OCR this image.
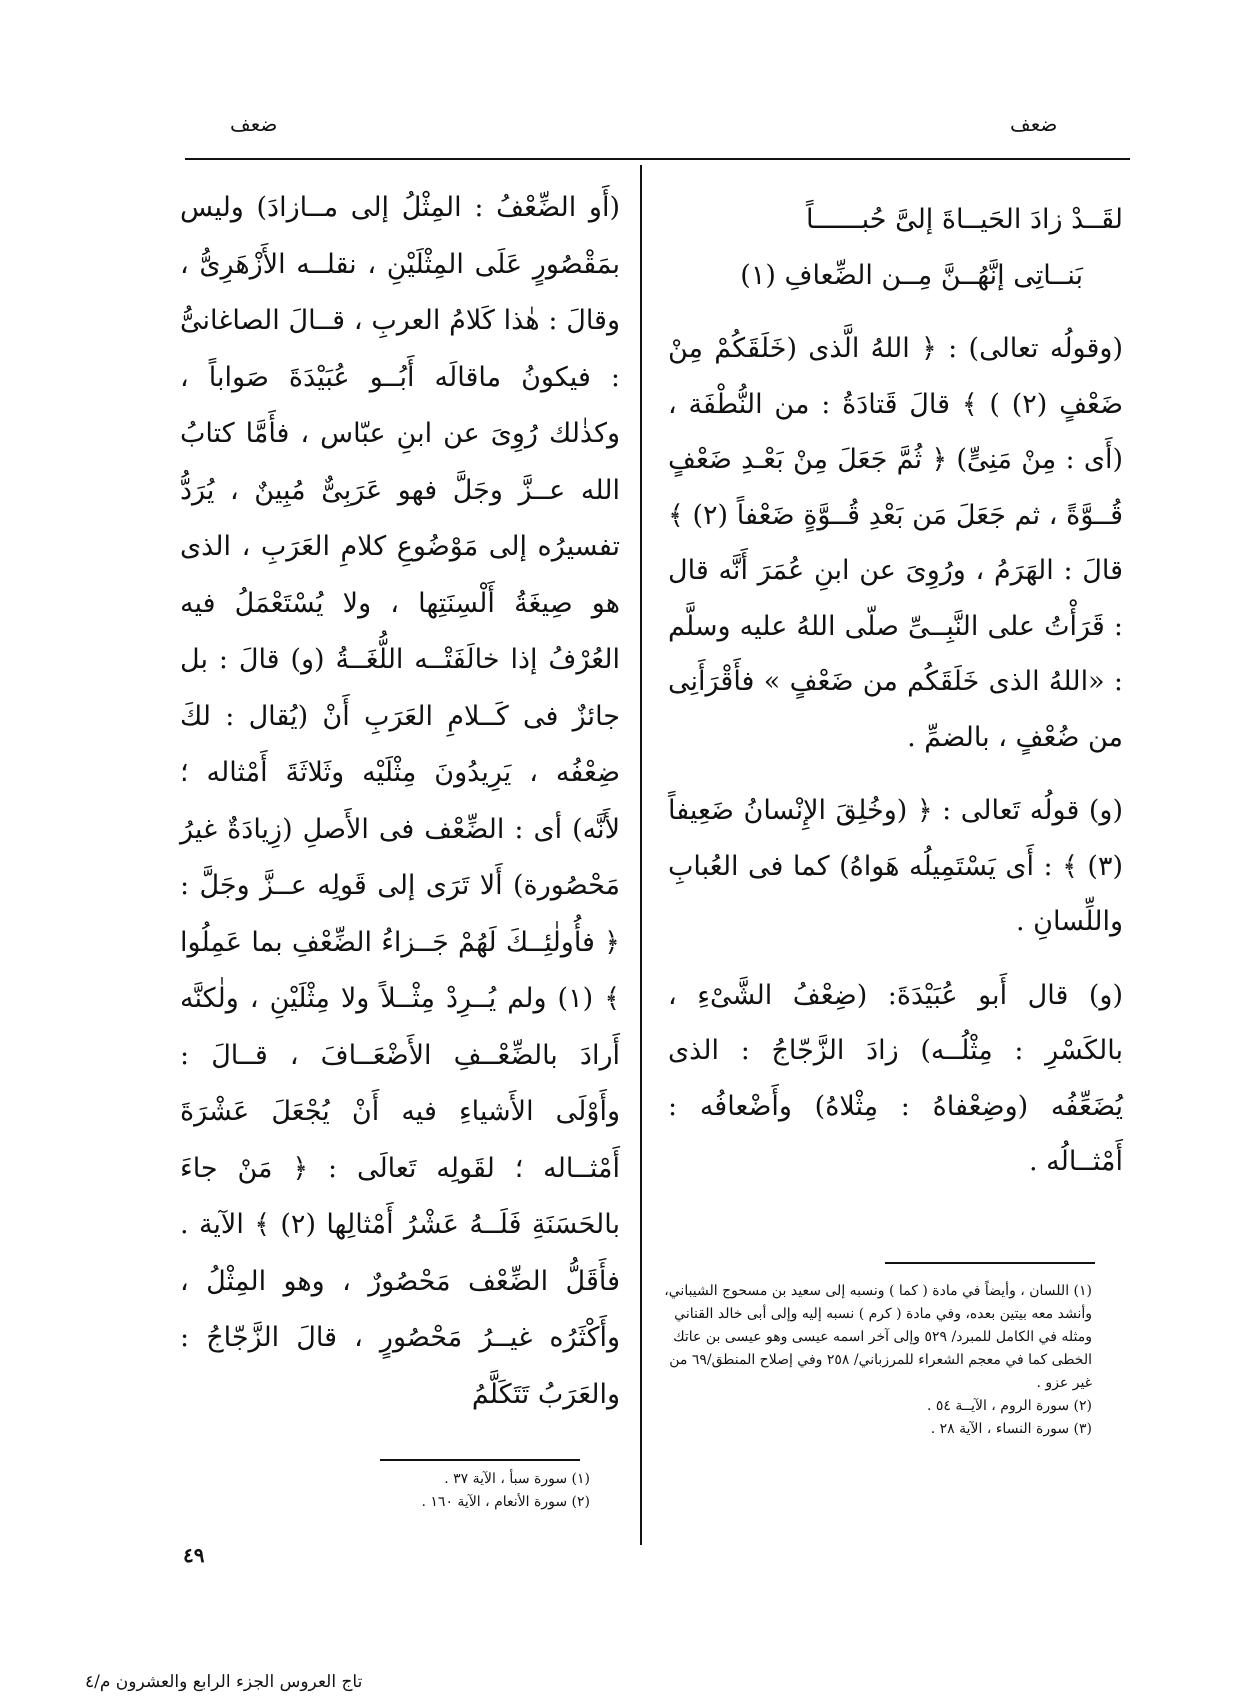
ضعف	ضعف

لقَــدْ زادَ الحَيــاةَ إلىَّ حُبــــــاً

بَنــاتِى إنَّهُــنَّ مِــن الضِّعافِ (١)

(وقولُه تعالى) : ﴿ اللهُ الَّذى (خَلَقَكُمْ مِنْ ضَعْفٍ (٢) ) ﴾ قالَ قَتادَةُ : من النُّطْفَة ، (أَى : مِنْ مَنِىٍّ) ﴿ ثُمَّ جَعَلَ مِنْ بَعْـدِ ضَعْفٍ قُــوَّةً ، ثم جَعَلَ مَن بَعْدِ قُــوَّةٍ ضَعْفاً (٢) ﴾ قالَ : الهَرَمُ ، ورُوِىَ عن ابنِ عُمَرَ أَنَّه قال : قَرَأْتُ على النَّبِــىِّ صلّى اللهُ عليه وسلَّم : «اللهُ الذى خَلَقَكُم من ضَعْفٍ » فأَقْرَأَنِى من ضُعْفٍ ، بالضمِّ .

(و) قولُه تَعالى : ﴿ (وخُلِقَ الإِنْسانُ ضَعِيفاً (٣) ﴾ : أَى يَسْتَمِيلُه هَواهُ) كما فى العُبابِ واللِّسانِ .

(و) قال أَبو عُبَيْدَةَ: (ضِعْفُ الشَّىْءِ ، بالكَسْرِ : مِثْلُــه) زادَ الزَّجّاجُ : الذى يُضَعِّفُه (وضِعْفاهُ : مِثْلاهُ) وأَضْعافُه : أَمْثــالُه .

(أَو الضِّعْفُ : المِثْلُ إلى مــازادَ) وليس بمَقْصُورٍ عَلَى المِثْلَيْنِ ، نقلــه الأَزْهَرِىُّ ، وقالَ : هٰذا كَلامُ العربِ ، قــالَ الصاغانىُّ : فيكونُ ماقالَه أَبُــو عُبَيْدَةَ صَواباً ، وكذٰلك رُوِىَ عن ابنِ عبّاس ، فأَمَّا كتابُ الله عــزَّ وجَلَّ فهو عَرَبِىٌّ مُبِينٌ ، يُرَدُّ تفسيرُه إلى مَوْضُوعِ كلامِ العَرَبِ ، الذى هو صِيغَةُ أَلْسِنَتِها ، ولا يُسْتَعْمَلُ فيه العُرْفُ إذا خالَفَتْــه اللُّغَــةُ (و) قالَ : بل جائزٌ فى كَــلامِ العَرَبِ أَنْ (يُقال : لكَ ضِعْفُه ، يَرِيدُونَ مِثْلَيْه وثَلاثَةَ أَمْثاله ؛ لأَنَّه) أى : الضِّعْف فى الأَصلِ (زِيادَةٌ غيرُ مَحْصُورة) أَلا تَرَى إلى قَولِه عــزَّ وجَلَّ : ﴿ فأُولٰئِــكَ لَهُمْ جَــزاءُ الضِّعْفِ بما عَمِلُوا ﴾ (١) ولم يُــرِدْ مِثْــلاً ولا مِثْلَيْنِ ، ولٰكنَّه أَرادَ بالضِّعْــفِ الأَضْعَــافَ ، قــالَ : وأَوْلَى الأَشياءِ فيه أَنْ يُجْعَلَ عَشْرَةَ أَمْثــاله ؛ لقَولِه تَعالَى : ﴿ مَنْ جاءَ بالحَسَنَةِ فَلَــهُ عَشْرُ أَمْثالِها (٢) ﴾ الآية . فأَقَلُّ الضِّعْف مَحْصُورٌ ، وهو المِثْلُ ، وأَكْثَرُه غيــرُ مَحْصُورٍ ، قالَ الزَّجّاجُ : والعَرَبُ تَتَكَلَّمُ

(١) اللسان ، وأيضاً في مادة ( كما ) ونسبه إلى سعيد بن مسحوج الشيباني، وأنشد معه بيتين بعده، وفي مادة ( كرم ) نسبه إليه وإلى أبى خالد القناني ومثله في الكامل للمبرد/ ٥٢٩ وإلى آخر اسمه عيسى وهو عيسى بن عاتك الخطى كما في معجم الشعراء للمرزباني/ ٢٥٨ وفي إصلاح المنطق/٦٩ من غير عزو .
(٢) سورة الروم ، الآيــة ٥٤ .
(٣) سورة النساء ، الآية ٢٨ .
(١) سورة سبأ ، الآية ٣٧ .
(٢) سورة الأنعام ، الآية ١٦٠ .
٤٩
تاج العروس الجزء الرابع والعشرون م/٤
